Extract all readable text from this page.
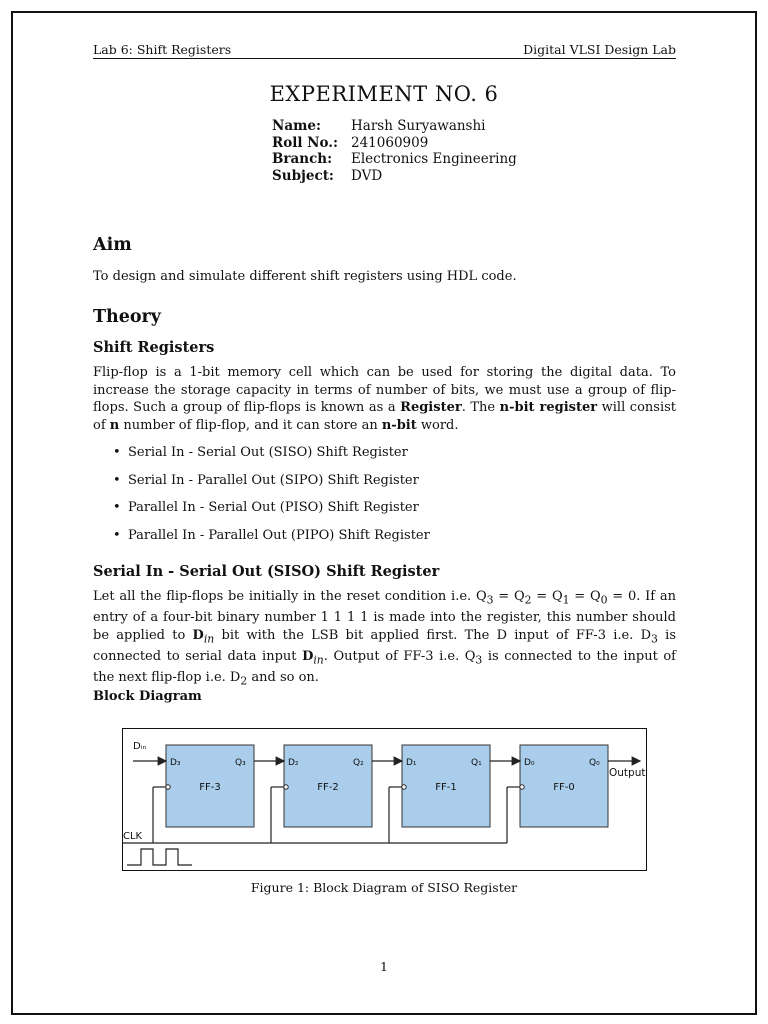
Lab 6: Shift Registers	Digital VLSI Design Lab
EXPERIMENT NO. 6
Name:	Harsh Suryawanshi
Roll No.: 241060909
Branch:	Electronics Engineering
Subject:	DVD
Aim
To design and simulate different shift registers using HDL code.
Theory
Shift Registers
Flip-flop is a 1-bit memory cell which can be used for storing the digital data. To increase the storage capacity in terms of number of bits, we must use a group of flip-flops. Such a group of flip-flops is known as a Register. The n-bit register will consist of n number of flip-flop, and it can store an n-bit word.
• Serial In - Serial Out (SISO) Shift Register
• Serial In - Parallel Out (SIPO) Shift Register
• Parallel In - Serial Out (PISO) Shift Register
• Parallel In - Parallel Out (PIPO) Shift Register
Serial In - Serial Out (SISO) Shift Register
Let all the flip-flops be initially in the reset condition i.e. $Q_3 = Q_2 = Q_1 = Q_0 = 0$. If an entry of a four-bit binary number 1 1 1 1 is made into the register, this number should be applied to $D_{in}$ bit with the LSB bit applied first. The D input of FF-3 i.e. $D_3$ is connected to serial data input $D_{in}$. Output of FF-3 i.e. $Q_3$ is connected to the input of the next flip-flop i.e. $D_2$ and so on.
Block Diagram
Dᵢₙ
Output
D₃	Q₃
FF-3
D₂	Q₂
FF-2
D₁	Q₁
FF-1
D₀	Q₀
FF-0
CLK
Figure 1: Block Diagram of SISO Register
1
